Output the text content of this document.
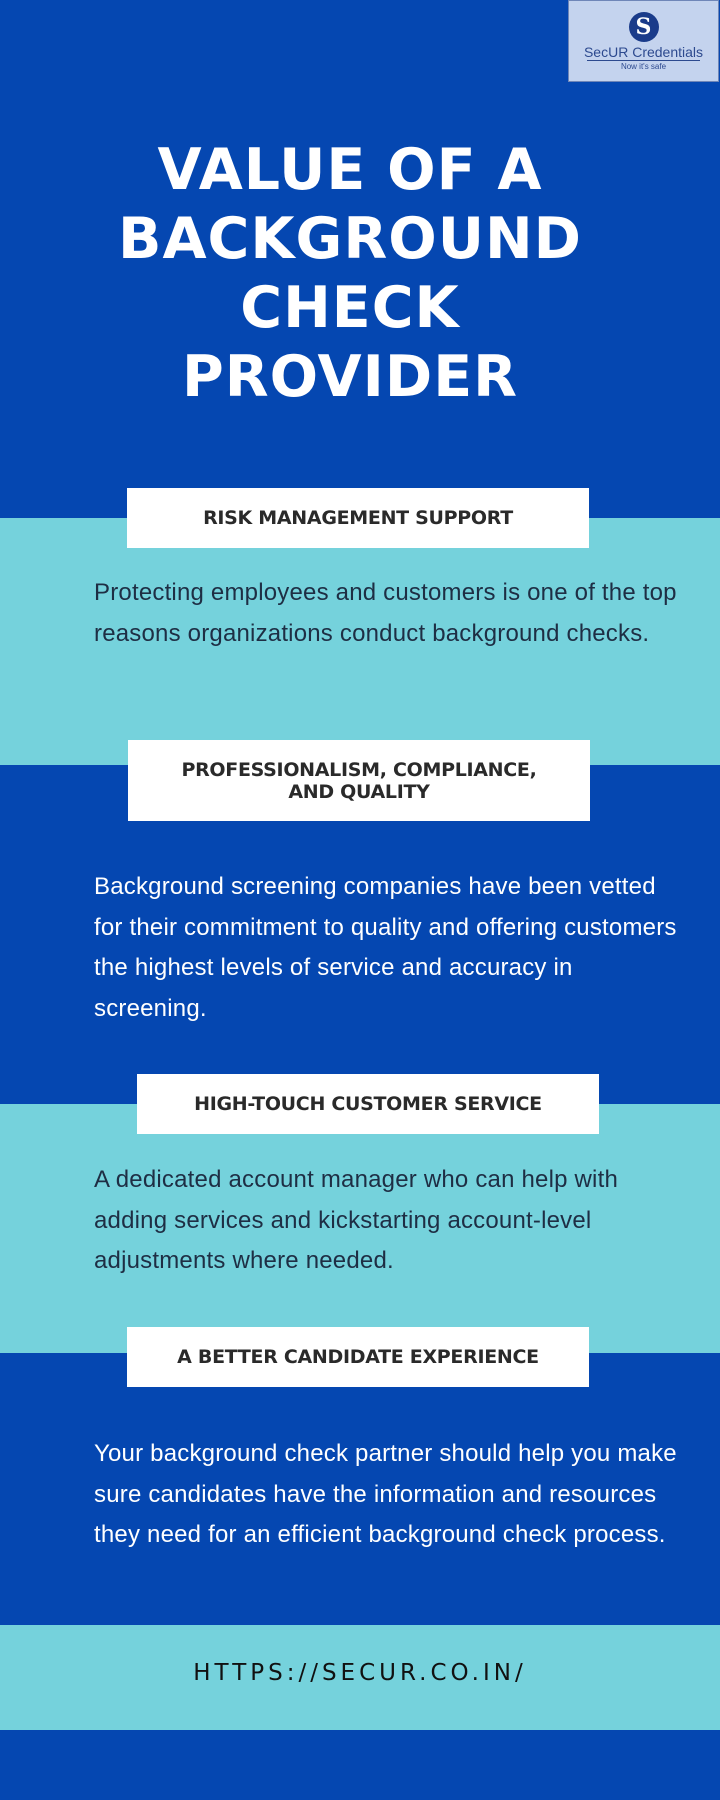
S
SecUR Credentials
Now it's safe
VALUE OF A
BACKGROUND
CHECK
PROVIDER
RISK MANAGEMENT SUPPORT
Protecting employees and customers is one of the top reasons organizations conduct background checks.
PROFESSIONALISM, COMPLIANCE, AND QUALITY
Background screening companies have been vetted for their commitment to quality and offering customers the highest levels of service and accuracy in screening.
HIGH-TOUCH CUSTOMER SERVICE
A dedicated account manager who can help with adding services and kickstarting account-level adjustments where needed.
A BETTER CANDIDATE EXPERIENCE
Your background check partner should help you make sure candidates have the information and resources they need for an efficient background check process.
HTTPS://SECUR.CO.IN/
